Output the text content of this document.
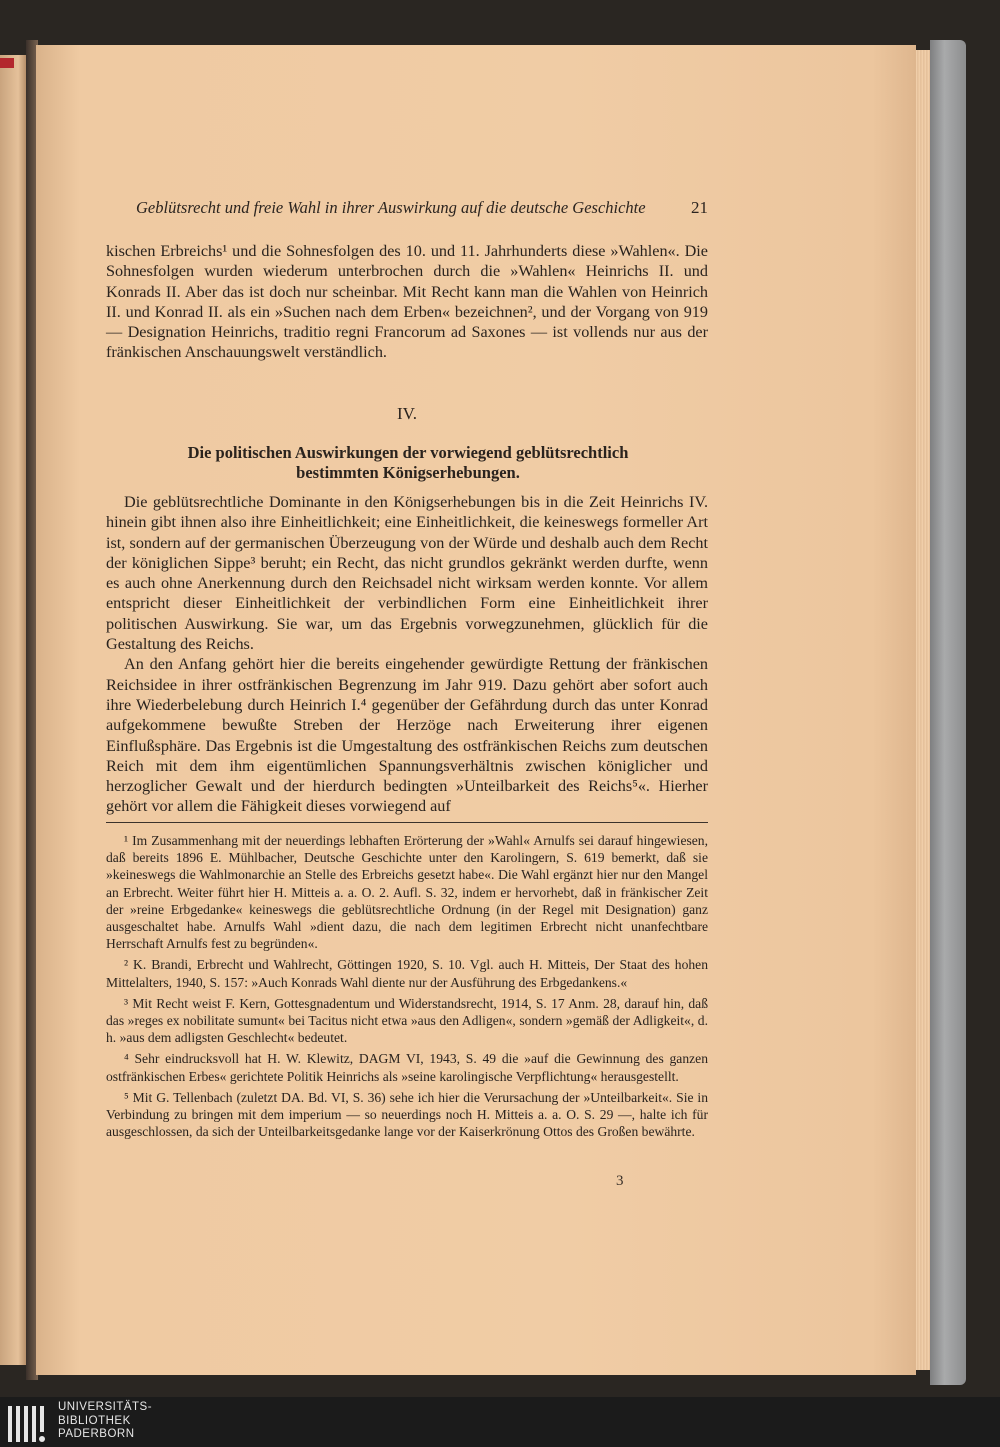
Geblütsrecht und freie Wahl in ihrer Auswirkung auf die deutsche Geschichte	21

kischen Erbreichs¹ und die Sohnesfolgen des 10. und 11. Jahrhunderts diese »Wahlen«. Die Sohnesfolgen wurden wiederum unterbrochen durch die »Wahlen« Heinrichs II. und Konrads II. Aber das ist doch nur scheinbar. Mit Recht kann man die Wahlen von Heinrich II. und Konrad II. als ein »Suchen nach dem Erben« bezeichnen², und der Vorgang von 919 — Designation Heinrichs, traditio regni Francorum ad Saxones — ist vollends nur aus der fränkischen Anschauungswelt verständlich.

IV.
Die politischen Auswirkungen der vorwiegend geblütsrechtlich
bestimmten Königserhebungen.

Die geblütsrechtliche Dominante in den Königserhebungen bis in die Zeit Heinrichs IV. hinein gibt ihnen also ihre Einheitlichkeit; eine Einheitlichkeit, die keineswegs formeller Art ist, sondern auf der germanischen Überzeugung von der Würde und deshalb auch dem Recht der königlichen Sippe³ beruht; ein Recht, das nicht grundlos gekränkt werden durfte, wenn es auch ohne Anerkennung durch den Reichsadel nicht wirksam werden konnte. Vor allem entspricht dieser Einheitlichkeit der verbindlichen Form eine Einheitlichkeit ihrer politischen Auswirkung. Sie war, um das Ergebnis vorwegzunehmen, glücklich für die Gestaltung des Reichs.

An den Anfang gehört hier die bereits eingehender gewürdigte Rettung der fränkischen Reichsidee in ihrer ostfränkischen Begrenzung im Jahr 919. Dazu gehört aber sofort auch ihre Wiederbelebung durch Heinrich I.⁴ gegenüber der Gefährdung durch das unter Konrad aufgekommene bewußte Streben der Herzöge nach Erweiterung ihrer eigenen Einflußsphäre. Das Ergebnis ist die Umgestaltung des ostfränkischen Reichs zum deutschen Reich mit dem ihm eigentümlichen Spannungsverhältnis zwischen königlicher und herzoglicher Gewalt und der hierdurch bedingten »Unteilbarkeit des Reichs⁵«. Hierher gehört vor allem die Fähigkeit dieses vorwiegend auf

¹ Im Zusammenhang mit der neuerdings lebhaften Erörterung der »Wahl« Arnulfs sei darauf hingewiesen, daß bereits 1896 E. Mühlbacher, Deutsche Geschichte unter den Karolingern, S. 619 bemerkt, daß sie »keineswegs die Wahlmonarchie an Stelle des Erbreichs gesetzt habe«. Die Wahl ergänzt hier nur den Mangel an Erbrecht. Weiter führt hier H. Mitteis a. a. O. 2. Aufl. S. 32, indem er hervorhebt, daß in fränkischer Zeit der »reine Erbgedanke« keineswegs die geblütsrechtliche Ordnung (in der Regel mit Designation) ganz ausgeschaltet habe. Arnulfs Wahl »dient dazu, die nach dem legitimen Erbrecht nicht unanfechtbare Herrschaft Arnulfs fest zu begründen«.

² K. Brandi, Erbrecht und Wahlrecht, Göttingen 1920, S. 10. Vgl. auch H. Mitteis, Der Staat des hohen Mittelalters, 1940, S. 157: »Auch Konrads Wahl diente nur der Ausführung des Erbgedankens.«

³ Mit Recht weist F. Kern, Gottesgnadentum und Widerstandsrecht, 1914, S. 17 Anm. 28, darauf hin, daß das »reges ex nobilitate sumunt« bei Tacitus nicht etwa »aus den Adligen«, sondern »gemäß der Adligkeit«, d. h. »aus dem adligsten Geschlecht« bedeutet.

⁴ Sehr eindrucksvoll hat H. W. Klewitz, DAGM VI, 1943, S. 49 die »auf die Gewinnung des ganzen ostfränkischen Erbes« gerichtete Politik Heinrichs als »seine karolingische Verpflichtung« herausgestellt.

⁵ Mit G. Tellenbach (zuletzt DA. Bd. VI, S. 36) sehe ich hier die Verursachung der »Unteilbarkeit«. Sie in Verbindung zu bringen mit dem imperium — so neuerdings noch H. Mitteis a. a. O. S. 29 —, halte ich für ausgeschlossen, da sich der Unteilbarkeitsgedanke lange vor der Kaiserkrönung Ottos des Großen bewährte.

3
UNIVERSITÄTS-
BIBLIOTHEK
PADERBORN
